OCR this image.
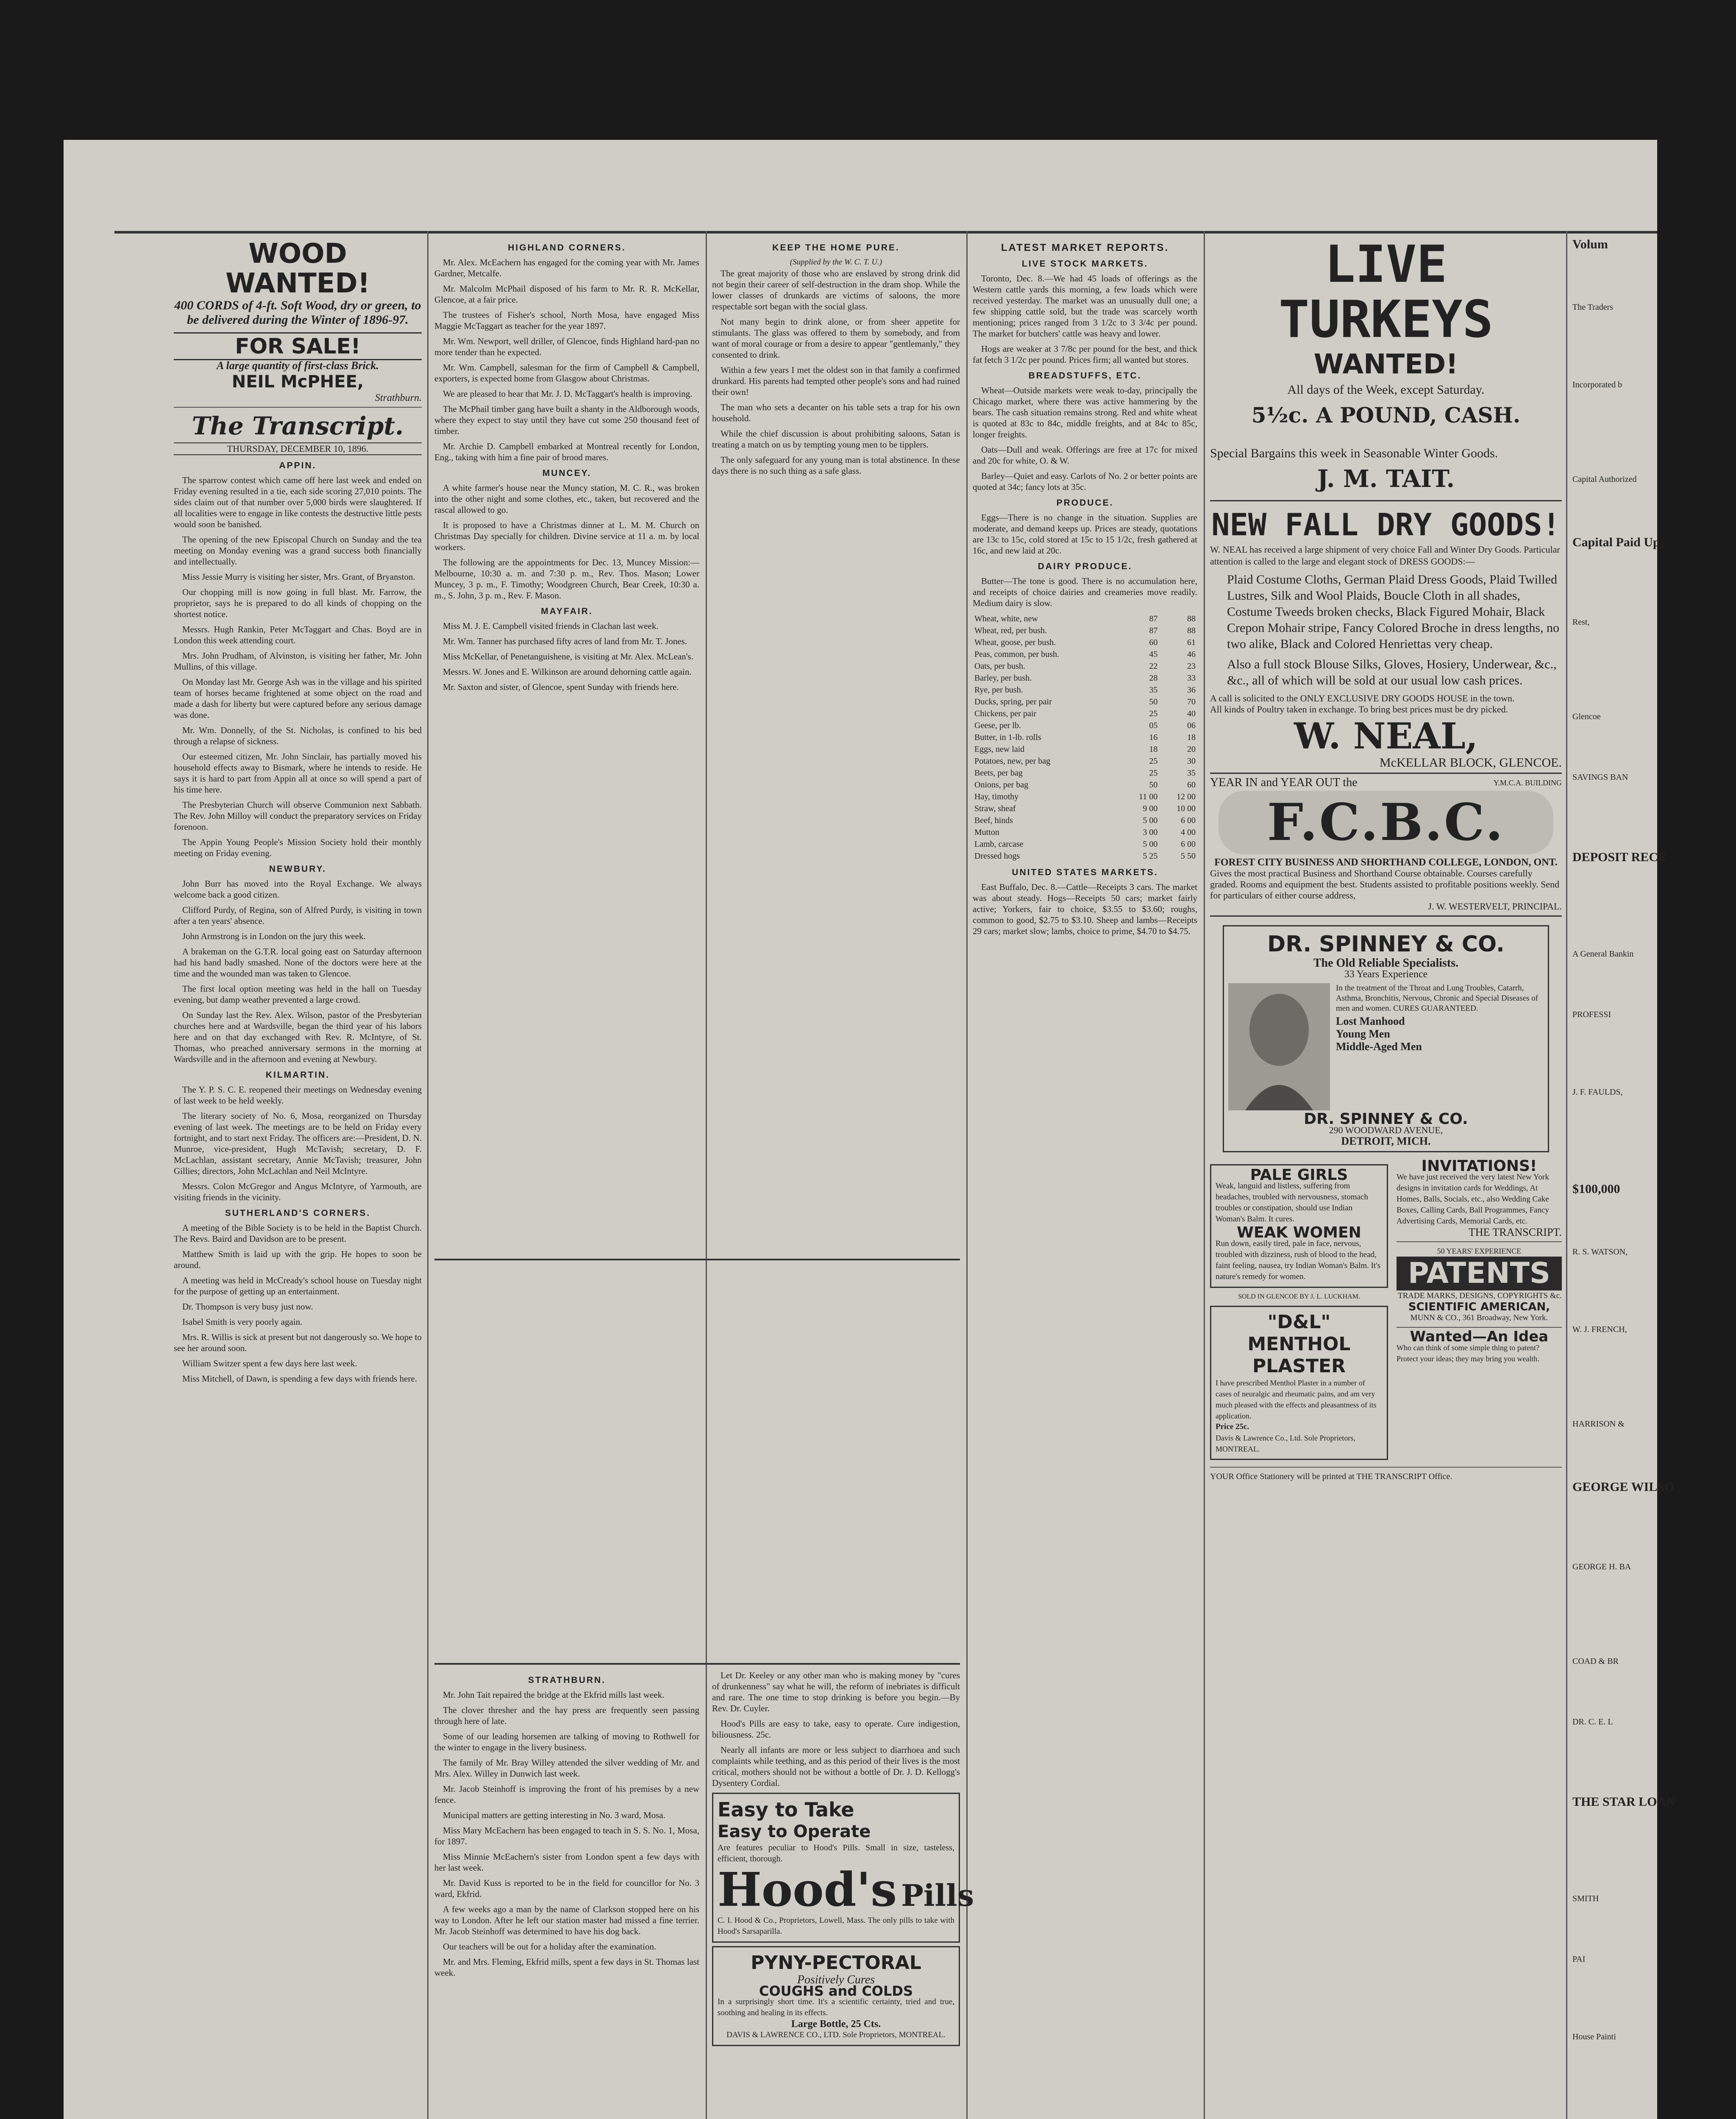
WOOD WANTED!
400 CORDS of 4-ft. Soft Wood, dry or green, to be delivered during the Winter of 1896-97.
FOR SALE!
A large quantity of first-class Brick.
NEIL McPHEE,
Strathburn.
The Transcript.
THURSDAY, DECEMBER 10, 1896.
APPIN.

The sparrow contest which came off here last week and ended on Friday evening resulted in a tie, each side scoring 27,010 points. The sides claim out of that number over 5,000 birds were slaughtered. If all localities were to engage in like contests the destructive little pests would soon be banished.

The opening of the new Episcopal Church on Sunday and the tea meeting on Monday evening was a grand success both financially and intellectually.

Miss Jessie Murry is visiting her sister, Mrs. Grant, of Bryanston.

Our chopping mill is now going in full blast. Mr. Farrow, the proprietor, says he is prepared to do all kinds of chopping on the shortest notice.

Messrs. Hugh Rankin, Peter McTaggart and Chas. Boyd are in London this week attending court.

Mrs. John Prudham, of Alvinston, is visiting her father, Mr. John Mullins, of this village.

On Monday last Mr. George Ash was in the village and his spirited team of horses became frightened at some object on the road and made a dash for liberty but were captured before any serious damage was done.

Mr. Wm. Donnelly, of the St. Nicholas, is confined to his bed through a relapse of sickness.

Our esteemed citizen, Mr. John Sinclair, has partially moved his household effects away to Bismark, where he intends to reside. He says it is hard to part from Appin all at once so will spend a part of his time here.

The Presbyterian Church will observe Communion next Sabbath. The Rev. John Milloy will conduct the preparatory services on Friday forenoon.

The Appin Young People's Mission Society hold their monthly meeting on Friday evening.

NEWBURY.

John Burr has moved into the Royal Exchange. We always welcome back a good citizen.

Clifford Purdy, of Regina, son of Alfred Purdy, is visiting in town after a ten years' absence.

John Armstrong is in London on the jury this week.

A brakeman on the G.T.R. local going east on Saturday afternoon had his hand badly smashed. None of the doctors were here at the time and the wounded man was taken to Glencoe.

The first local option meeting was held in the hall on Tuesday evening, but damp weather prevented a large crowd.

On Sunday last the Rev. Alex. Wilson, pastor of the Presbyterian churches here and at Wardsville, began the third year of his labors here and on that day exchanged with Rev. R. McIntyre, of St. Thomas, who preached anniversary sermons in the morning at Wardsville and in the afternoon and evening at Newbury.

KILMARTIN.

The Y. P. S. C. E. reopened their meetings on Wednesday evening of last week to be held weekly.

The literary society of No. 6, Mosa, reorganized on Thursday evening of last week. The meetings are to be held on Friday every fortnight, and to start next Friday. The officers are:—President, D. N. Munroe, vice-president, Hugh McTavish; secretary, D. F. McLachlan, assistant secretary, Annie McTavish; treasurer, John Gillies; directors, John McLachlan and Neil McIntyre.

Messrs. Colon McGregor and Angus McIntyre, of Yarmouth, are visiting friends in the vicinity.

SUTHERLAND'S CORNERS.

A meeting of the Bible Society is to be held in the Baptist Church. The Revs. Baird and Davidson are to be present.

Matthew Smith is laid up with the grip. He hopes to soon be around.

A meeting was held in McCready's school house on Tuesday night for the purpose of getting up an entertainment.

Dr. Thompson is very busy just now.

Isabel Smith is very poorly again.

Mrs. R. Willis is sick at present but not dangerously so. We hope to see her around soon.

William Switzer spent a few days here last week.

Miss Mitchell, of Dawn, is spending a few days with friends here.

HIGHLAND CORNERS.

Mr. Alex. McEachern has engaged for the coming year with Mr. James Gardner, Metcalfe.

Mr. Malcolm McPhail disposed of his farm to Mr. R. R. McKellar, Glencoe, at a fair price.

The trustees of Fisher's school, North Mosa, have engaged Miss Maggie McTaggart as teacher for the year 1897.

Mr. Wm. Newport, well driller, of Glencoe, finds Highland hard-pan no more tender than he expected.

Mr. Wm. Campbell, salesman for the firm of Campbell & Campbell, exporters, is expected home from Glasgow about Christmas.

We are pleased to hear that Mr. J. D. McTaggart's health is improving.

The McPhail timber gang have built a shanty in the Aldborough woods, where they expect to stay until they have cut some 250 thousand feet of timber.

Mr. Archie D. Campbell embarked at Montreal recently for London, Eng., taking with him a fine pair of brood mares.

MUNCEY.

A white farmer's house near the Muncy station, M. C. R., was broken into the other night and some clothes, etc., taken, but recovered and the rascal allowed to go.

It is proposed to have a Christmas dinner at L. M. M. Church on Christmas Day specially for children. Divine service at 11 a. m. by local workers.

The following are the appointments for Dec. 13, Muncey Mission:— Melbourne, 10:30 a. m. and 7:30 p. m., Rev. Thos. Mason; Lower Muncey, 3 p. m., F. Timothy; Woodgreen Church, Bear Creek, 10:30 a. m., S. John, 3 p. m., Rev. F. Mason.

MAYFAIR.

Miss M. J. E. Campbell visited friends in Clachan last week.

Mr. Wm. Tanner has purchased fifty acres of land from Mr. T. Jones.

Miss McKellar, of Penetanguishene, is visiting at Mr. Alex. McLean's.

Messrs. W. Jones and E. Wilkinson are around dehorning cattle again.

Mr. Saxton and sister, of Glencoe, spent Sunday with friends here.

KEEP THE HOME PURE.
(Supplied by the W. C. T. U.)

The great majority of those who are enslaved by strong drink did not begin their career of self-destruction in the dram shop. While the lower classes of drunkards are victims of saloons, the more respectable sort began with the social glass.

Not many begin to drink alone, or from sheer appetite for stimulants. The glass was offered to them by somebody, and from want of moral courage or from a desire to appear "gentlemanly," they consented to drink.

Within a few years I met the oldest son in that family a confirmed drunkard. His parents had tempted other people's sons and had ruined their own!

The man who sets a decanter on his table sets a trap for his own household.

While the chief discussion is about prohibiting saloons, Satan is treating a match on us by tempting young men to be tipplers.

The only safeguard for any young man is total abstinence. In these days there is no such thing as a safe glass.

STRATHBURN.

Mr. John Tait repaired the bridge at the Ekfrid mills last week.

The clover thresher and the hay press are frequently seen passing through here of late.

Some of our leading horsemen are talking of moving to Rothwell for the winter to engage in the livery business.

The family of Mr. Bray Willey attended the silver wedding of Mr. and Mrs. Alex. Willey in Dunwich last week.

Mr. Jacob Steinhoff is improving the front of his premises by a new fence.

Municipal matters are getting interesting in No. 3 ward, Mosa.

Miss Mary McEachern has been engaged to teach in S. S. No. 1, Mosa, for 1897.

Miss Minnie McEachern's sister from London spent a few days with her last week.

Mr. David Kuss is reported to be in the field for councillor for No. 3 ward, Ekfrid.

A few weeks ago a man by the name of Clarkson stopped here on his way to London. After he left our station master had missed a fine terrier. Mr. Jacob Steinhoff was determined to have his dog back.

Our teachers will be out for a holiday after the examination.

Mr. and Mrs. Fleming, Ekfrid mills, spent a few days in St. Thomas last week.

Let Dr. Keeley or any other man who is making money by "cures of drunkenness" say what he will, the reform of inebriates is difficult and rare. The one time to stop drinking is before you begin.—By Rev. Dr. Cuyler.

Hood's Pills are easy to take, easy to operate. Cure indigestion, biliousness. 25c.

Nearly all infants are more or less subject to diarrhoea and such complaints while teething, and as this period of their lives is the most critical, mothers should not be without a bottle of Dr. J. D. Kellogg's Dysentery Cordial.

Easy to Take
Easy to Operate
Are features peculiar to Hood's Pills. Small in size, tasteless, efficient, thorough.
Hood's Pills
C. I. Hood & Co., Proprietors, Lowell, Mass. The only pills to take with Hood's Sarsaparilla.
PYNY-PECTORAL
Positively Cures
COUGHS and COLDS
In a surprisingly short time. It's a scientific certainty, tried and true, soothing and healing in its effects.
Large Bottle, 25 Cts.
DAVIS & LAWRENCE CO., LTD. Sole Proprietors, MONTREAL.
LATEST MARKET REPORTS.
LIVE STOCK MARKETS.

Toronto, Dec. 8.—We had 45 loads of offerings as the Western cattle yards this morning, a few loads which were received yesterday. The market was an unusually dull one; a few shipping cattle sold, but the trade was scarcely worth mentioning; prices ranged from 3 1/2c to 3 3/4c per pound. The market for butchers' cattle was heavy and lower.

Hogs are weaker at 3 7/8c per pound for the best, and thick fat fetch 3 1/2c per pound. Prices firm; all wanted but stores.

BREADSTUFFS, ETC.

Wheat—Outside markets were weak to-day, principally the Chicago market, where there was active hammering by the bears. The cash situation remains strong. Red and white wheat is quoted at 83c to 84c, middle freights, and at 84c to 85c, longer freights.

Oats—Dull and weak. Offerings are free at 17c for mixed and 20c for white, O. & W.

Barley—Quiet and easy. Carlots of No. 2 or better points are quoted at 34c; fancy lots at 35c.

PRODUCE.

Eggs—There is no change in the situation. Supplies are moderate, and demand keeps up. Prices are steady, quotations are 13c to 15c, cold stored at 15c to 15 1/2c, fresh gathered at 16c, and new laid at 20c.

DAIRY PRODUCE.

Butter—The tone is good. There is no accumulation here, and receipts of choice dairies and creameries move readily. Medium dairy is slow.

Wheat, white, new	87	88
Wheat, red, per bush.	87	88
Wheat, goose, per bush.	60	61
Peas, common, per bush.	45	46
Oats, per bush.	22	23
Barley, per bush.	28	33
Rye, per bush.	35	36
Ducks, spring, per pair	50	70
Chickens, per pair	25	40
Geese, per lb.	05	06
Butter, in 1-lb. rolls	16	18
Eggs, new laid	18	20
Potatoes, new, per bag	25	30
Beets, per bag	25	35
Onions, per bag	50	60
Hay, timothy	11 00	12 00
Straw, sheaf	9 00	10 00
Beef, hinds	5 00	6 00
Mutton	3 00	4 00
Lamb, carcase	5 00	6 00
Dressed hogs	5 25	5 50
UNITED STATES MARKETS.

East Buffalo, Dec. 8.—Cattle—Receipts 3 cars. The market was about steady. Hogs—Receipts 50 cars; market fairly active; Yorkers, fair to choice, $3.55 to $3.60; roughs, common to good, $2.75 to $3.10. Sheep and lambs—Receipts 29 cars; market slow; lambs, choice to prime, $4.70 to $4.75.

LIVE TURKEYS
WANTED!
All days of the Week, except Saturday.
5½c. A POUND, CASH.
Special Bargains this week in Seasonable Winter Goods.
J. M. TAIT.
NEW FALL DRY GOODS!
W. NEAL has received a large shipment of very choice Fall and Winter Dry Goods. Particular attention is called to the large and elegant stock of DRESS GOODS:—
Plaid Costume Cloths, German Plaid Dress Goods, Plaid Twilled Lustres, Silk and Wool Plaids, Boucle Cloth in all shades, Costume Tweeds broken checks, Black Figured Mohair, Black Crepon Mohair stripe, Fancy Colored Broche in dress lengths, no two alike, Black and Colored Henriettas very cheap.
Also a full stock Blouse Silks, Gloves, Hosiery, Underwear, &c., &c., all of which will be sold at our usual low cash prices.
A call is solicited to the ONLY EXCLUSIVE DRY GOODS HOUSE in the town.
All kinds of Poultry taken in exchange. To bring best prices must be dry picked.
W. NEAL,
McKELLAR BLOCK, GLENCOE.
YEAR IN and YEAR OUT the	Y.M.C.A. BUILDING
F.C.B.C.
FOREST CITY BUSINESS AND SHORTHAND COLLEGE, LONDON, ONT.
Gives the most practical Business and Shorthand Course obtainable. Courses carefully graded. Rooms and equipment the best. Students assisted to profitable positions weekly. Send for particulars of either course address,
J. W. WESTERVELT, PRINCIPAL.
DR. SPINNEY & CO.
The Old Reliable Specialists.
33 Years Experience
In the treatment of the Throat and Lung Troubles, Catarrh, Asthma, Bronchitis, Nervous, Chronic and Special Diseases of men and women. CURES GUARANTEED.
Lost Manhood
Young Men
Middle-Aged Men
DR. SPINNEY & CO.
290 WOODWARD AVENUE,
DETROIT, MICH.
PALE GIRLS
Weak, languid and listless, suffering from headaches, troubled with nervousness, stomach troubles or constipation, should use Indian Woman's Balm. It cures.
WEAK WOMEN
Run down, easily tired, pale in face, nervous, troubled with dizziness, rush of blood to the head, faint feeling, nausea, try Indian Woman's Balm. It's nature's remedy for women.
SOLD IN GLENCOE BY J. L. LUCKHAM.
"D&L" MENTHOL PLASTER
I have prescribed Menthol Plaster in a number of cases of neuralgic and rheumatic pains, and am very much pleased with the effects and pleasantness of its application.
Price 25c.
Davis & Lawrence Co., Ltd. Sole Proprietors, MONTREAL.
INVITATIONS!
We have just received the very latest New York designs in invitation cards for Weddings, At Homes, Balls, Socials, etc., also Wedding Cake Boxes, Calling Cards, Ball Programmes, Fancy Advertising Cards, Memorial Cards, etc.
THE TRANSCRIPT.
50 YEARS' EXPERIENCE
PATENTS
TRADE MARKS, DESIGNS, COPYRIGHTS &c.
SCIENTIFIC AMERICAN,
MUNN & CO., 361 Broadway, New York.
Wanted—An Idea
Who can think of some simple thing to patent? Protect your ideas; they may bring you wealth.
YOUR Office Stationery will be printed at THE TRANSCRIPT Office.
Volum
The Traders
Incorporated b
Capital Authorized
Capital Paid Up,
Rest,
Glencoe
SAVINGS BAN
DEPOSIT RECE
A General Bankin
PROFESSI
J. F. FAULDS,
$100,000
R. S. WATSON,
W. J. FRENCH,
HARRISON &
GEORGE WILSO
GEORGE H. BA
COAD & BR
DR. C. E. L
THE STAR LOAN
SMITH
PAI
House Painti
